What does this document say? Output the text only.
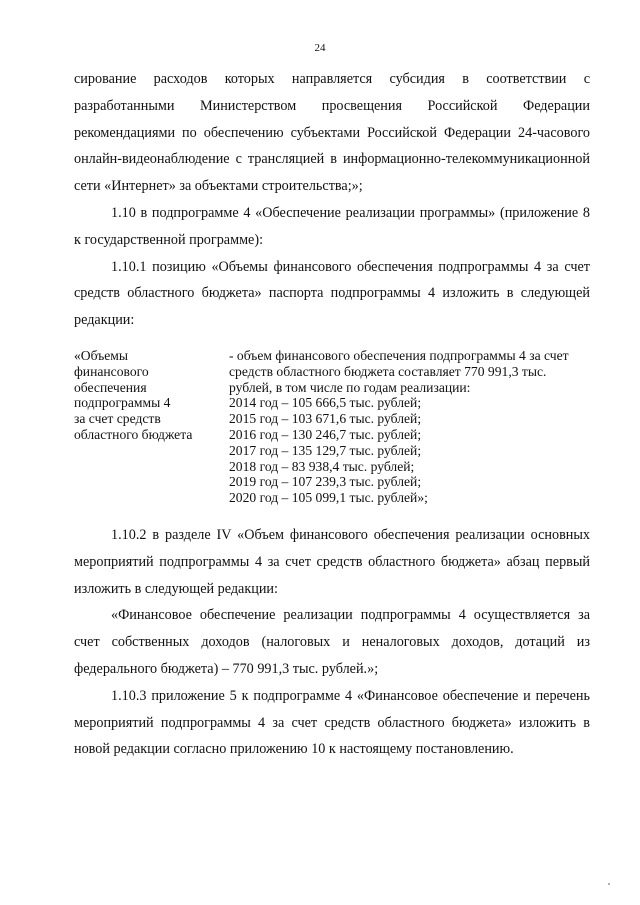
24

сирование расходов которых направляется субсидия в соответствии с разработанными Министерством просвещения Российской Федерации рекомендациями по обеспечению субъектами Российской Федерации 24-часового онлайн-видеонаблюдение с трансляцией в информационно-телекоммуникационной сети «Интернет» за объектами строительства;»;

1.10 в подпрограмме 4 «Обеспечение реализации программы» (приложение 8 к государственной программе):

1.10.1 позицию «Объемы финансового обеспечения подпрограммы 4 за счет средств областного бюджета» паспорта подпрограммы 4 изложить в следующей редакции:

«Объемы
финансового
обеспечения
подпрограммы 4
за счет средств
областного бюджета
- объем финансового обеспечения подпрограммы 4 за счет
средств областного бюджета составляет 770 991,3 тыс.
рублей, в том числе по годам реализации:
2014 год – 105 666,5 тыс. рублей;
2015 год – 103 671,6 тыс. рублей;
2016 год – 130 246,7 тыс. рублей;
2017 год – 135 129,7 тыс. рублей;
2018 год – 83 938,4 тыс. рублей;
2019 год – 107 239,3 тыс. рублей;
2020 год – 105 099,1 тыс. рублей»;

1.10.2 в разделе IV «Объем финансового обеспечения реализации основных мероприятий подпрограммы 4 за счет средств областного бюджета» абзац первый изложить в следующей редакции:

«Финансовое обеспечение реализации подпрограммы 4 осуществляется за счет собственных доходов (налоговых и неналоговых доходов, дотаций из федерального бюджета) – 770 991,3 тыс. рублей.»;

1.10.3 приложение 5 к подпрограмме 4 «Финансовое обеспечение и перечень мероприятий подпрограммы 4 за счет средств областного бюджета» изложить в новой редакции согласно приложению 10 к настоящему постановлению.
